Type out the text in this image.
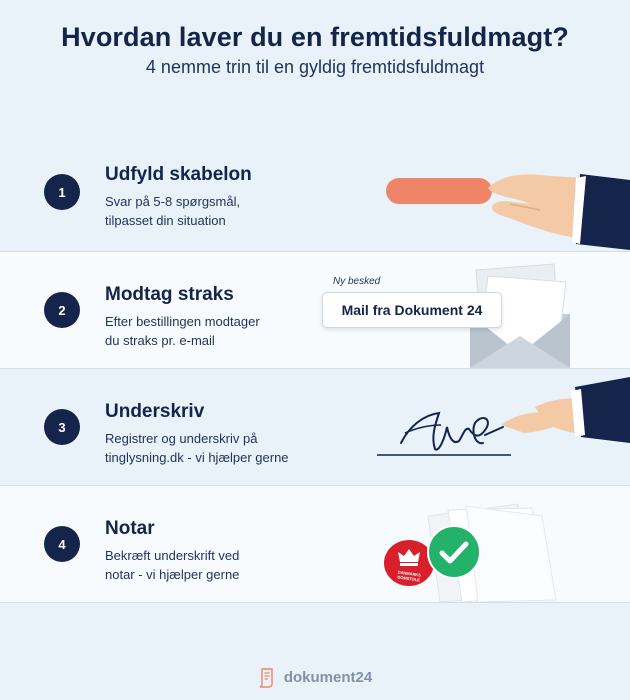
Hvordan laver du en fremtidsfuldmagt?
4 nemme trin til en gyldig fremtidsfuldmagt
1
Udfyld skabelon
Svar på 5-8 spørgsmål,
tilpasset din situation
2
Modtag straks
Efter bestillingen modtager
du straks pr. e-mail
Ny besked
Mail fra Dokument 24
3
Underskriv
Registrer og underskriv på
tinglysning.dk - vi hjælper gerne
4
Notar
Bekræft underskrift ved
notar - vi hjælper gerne	DANMARKS DOMSTOLE
dokument24
